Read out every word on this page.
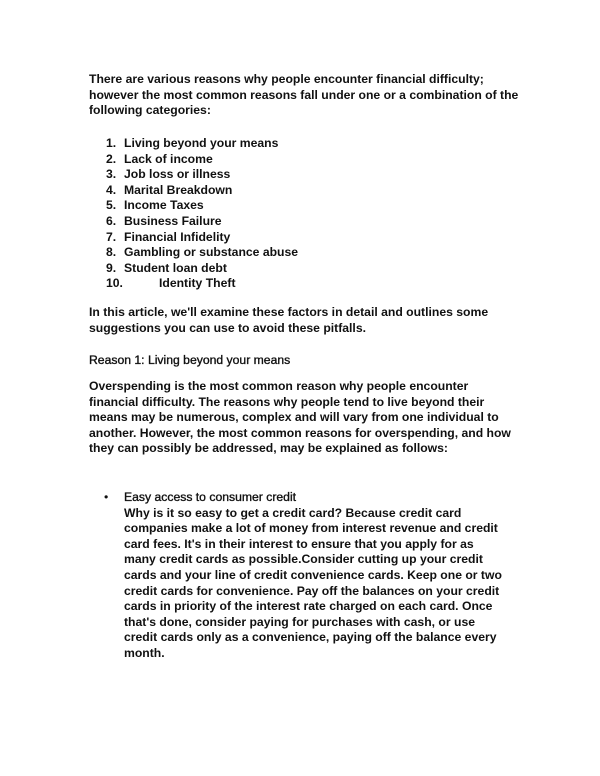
There are various reasons why people encounter financial difficulty; however the most common reasons fall under one or a combination of the following categories:

1. Living beyond your means
2. Lack of income
3. Job loss or illness
4. Marital Breakdown
5. Income Taxes
6. Business Failure
7. Financial Infidelity
8. Gambling or substance abuse
9. Student loan debt
10.	Identity Theft

In this article, we'll examine these factors in detail and outlines some suggestions you can use to avoid these pitfalls.

Reason 1: Living beyond your means

Overspending is the most common reason why people encounter financial difficulty. The reasons why people tend to live beyond their means may be numerous, complex and will vary from one individual to another. However, the most common reasons for overspending, and how they can possibly be addressed, may be explained as follows:

•	Easy access to consumer credit
Why is it so easy to get a credit card? Because credit card companies make a lot of money from interest revenue and credit card fees. It's in their interest to ensure that you apply for as many credit cards as possible.Consider cutting up your credit cards and your line of credit convenience cards. Keep one or two credit cards for convenience. Pay off the balances on your credit cards in priority of the interest rate charged on each card. Once that's done, consider paying for purchases with cash, or use credit cards only as a convenience, paying off the balance every month.
